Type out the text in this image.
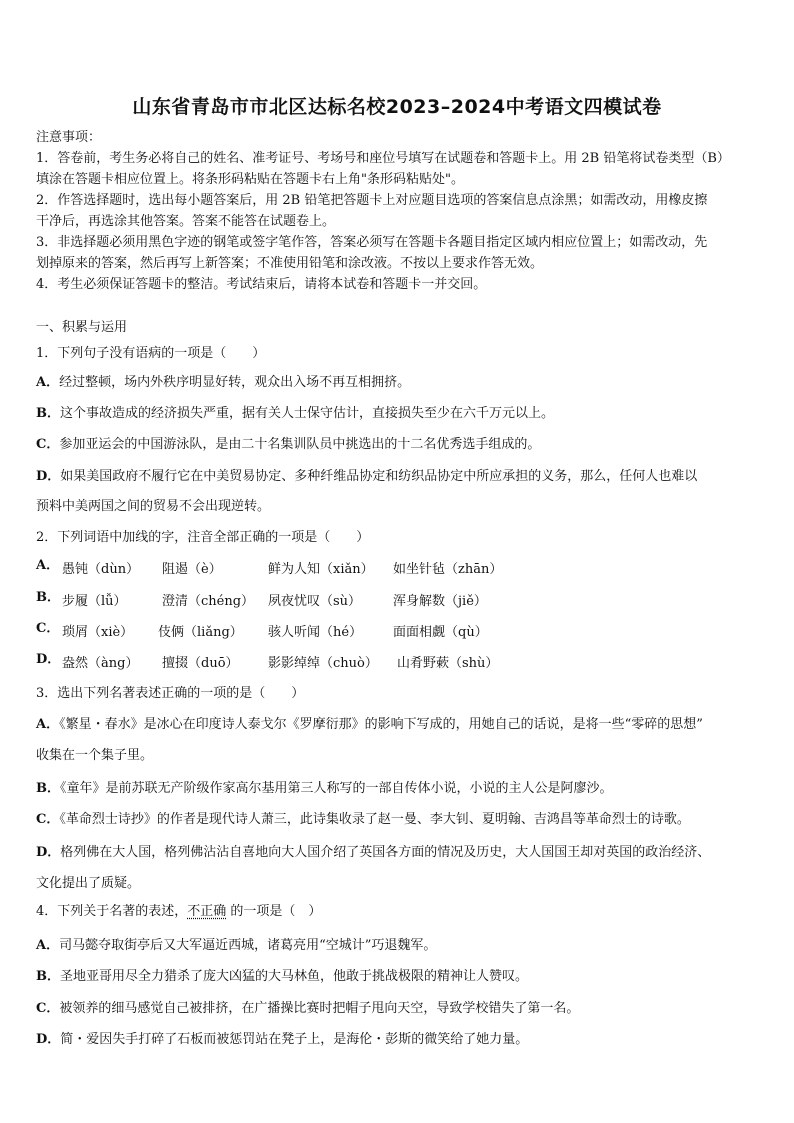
山东省青岛市市北区达标名校2023–2024中考语文四模试卷
注意事项：
1．答卷前，考生务必将自己的姓名、准考证号、考场号和座位号填写在试题卷和答题卡上。用 2B 铅笔将试卷类型（B）
填涂在答题卡相应位置上。将条形码粘贴在答题卡右上角"条形码粘贴处"。
2．作答选择题时，选出每小题答案后，用 2B 铅笔把答题卡上对应题目选项的答案信息点涂黑；如需改动，用橡皮擦
干净后，再选涂其他答案。答案不能答在试题卷上。
3．非选择题必须用黑色字迹的钢笔或签字笔作答，答案必须写在答题卡各题目指定区域内相应位置上；如需改动，先
划掉原来的答案，然后再写上新答案；不准使用铅笔和涂改液。不按以上要求作答无效。
4．考生必须保证答题卡的整洁。考试结束后，请将本试卷和答题卡一并交回。
一、积累与运用
1．下列句子没有语病的一项是（　　）
A．经过整顿，场内外秩序明显好转，观众出入场不再互相拥挤。
B．这个事故造成的经济损失严重，据有关人士保守估计，直接损失至少在六千万元以上。
C．参加亚运会的中国游泳队，是由二十名集训队员中挑选出的十二名优秀选手组成的。
D．如果美国政府不履行它在中美贸易协定、多种纤维品协定和纺织品协定中所应承担的义务，那么，任何人也难以
预料中美两国之间的贸易不会出现逆转。
2．下列词语中加线的字，注音全部正确的一项是（　　）
A． 愚钝（dùn） 阻遏（è）	鲜为人知（xiǎn） 如坐针毡（zhān）
B． 步履（lǚ）	澄清（chéng） 夙夜忧叹（sù） 浑身解数（jiě）
C． 琐屑（xiè） 伎俩（liǎng） 骇人听闻（hé） 面面相觑（qù）
D． 盎然（àng） 擅掇（duō） 影影绰绰（chuò） 山肴野蔌（shù）
3．选出下列名著表述正确的一项的是（　　）
A．《繁星・春水》是冰心在印度诗人泰戈尔《罗摩衍那》的影响下写成的，用她自己的话说，是将一些“零碎的思想”
收集在一个集子里。
B．《童年》是前苏联无产阶级作家高尔基用第三人称写的一部自传体小说，小说的主人公是阿廖沙。
C．《革命烈士诗抄》的作者是现代诗人萧三，此诗集收录了赵一曼、李大钊、夏明翰、吉鸿昌等革命烈士的诗歌。
D．格列佛在大人国，格列佛沾沾自喜地向大人国介绍了英国各方面的情况及历史，大人国国王却对英国的政治经济、
文化提出了质疑。
4．下列关于名著的表述，不正确 的一项是（　）
A．司马懿夺取街亭后又大军逼近西城，诸葛亮用“空城计”巧退魏军。
B．圣地亚哥用尽全力猎杀了庞大凶猛的大马林鱼，他敢于挑战极限的精神让人赞叹。
C．被领养的细马感觉自己被排挤，在广播操比赛时把帽子甩向天空，导致学校错失了第一名。
D．简・爱因失手打碎了石板而被惩罚站在凳子上，是海伦・彭斯的微笑给了她力量。
